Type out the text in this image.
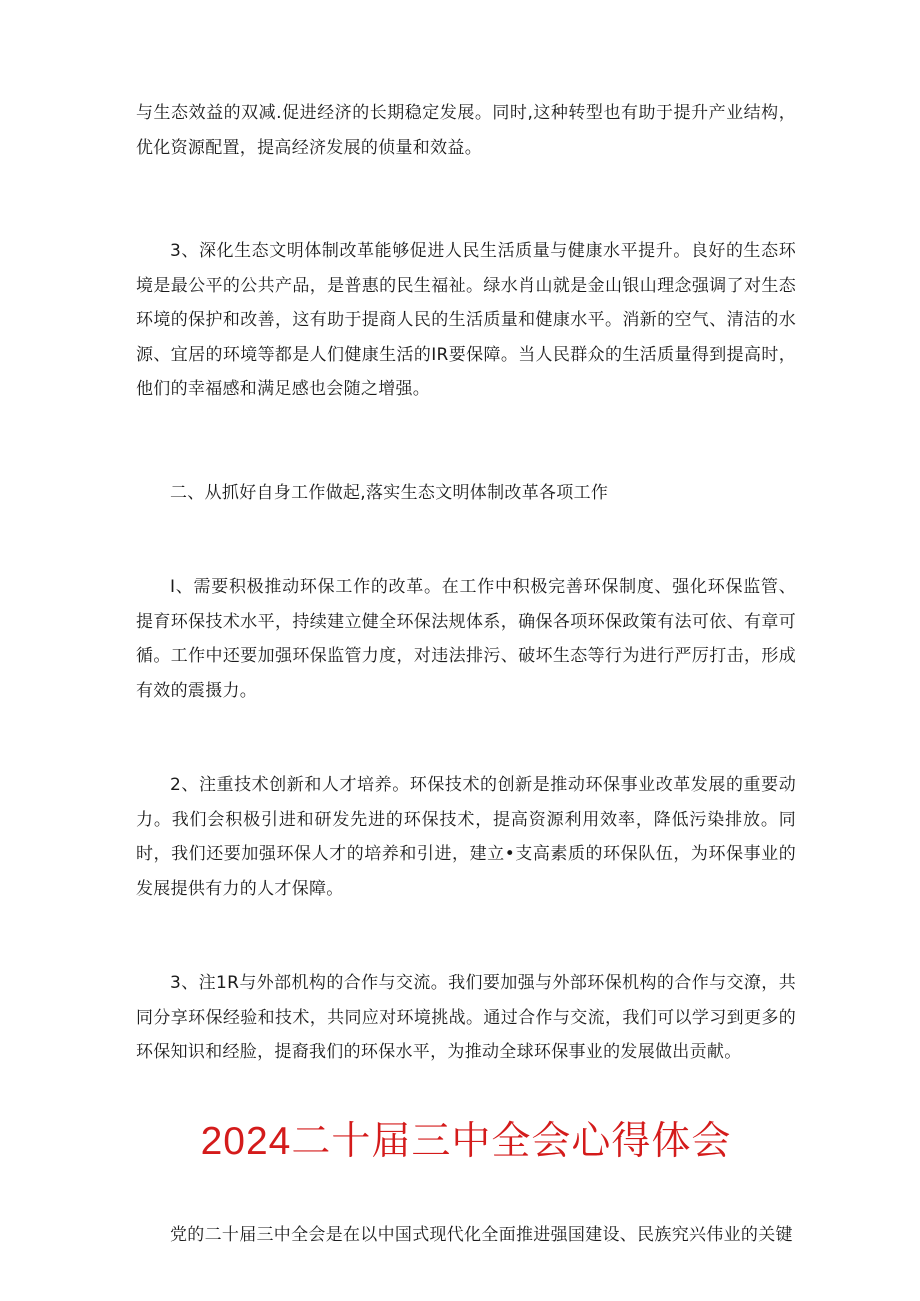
与生态效益的双减.促进经济的长期稳定发展。同时,这种转型也有助于提升产业结构，优化资源配置，提高经济发展的侦量和效益。

3、深化生态文明体制改革能够促进人民生活质量与健康水平提升。良好的生态环境是最公平的公共产品，是普惠的民生福祉。绿水肖山就是金山银山理念强调了对生态环境的保护和改善，这有助于提商人民的生活质量和健康水平。消新的空气、清洁的水源、宜居的环境等都是人们健康生活的IR要保障。当人民群众的生活质量得到提高时，他们的幸福感和满足感也会随之增强。

二、从抓好自身工作做起,落实生态文明体制改革各项工作

I、需要积极推动环保工作的改革。在工作中积极完善环保制度、强化环保监管、提育环保技术水平，持续建立健全环保法规体系，确保各项环保政策有法可依、有章可循。工作中还要加强环保监管力度，对违法排污、破坏生态等行为进行严厉打击，形成有效的震摄力。

2、注重技术创新和人才培养。环保技术的创新是推动环保事业改革发展的重要动力。我们会积极引进和研发先进的环保技术，提高资源利用效率，降低污染排放。同时，我们还要加强环保人才的培养和引进，建立•支高素质的环保队伍，为环保事业的发展提供有力的人才保障。

3、注1R与外部机构的合作与交流。我们要加强与外部环保机构的合作与交潦，共同分享环保经验和技术，共同应对环境挑战。通过合作与交流，我们可以学习到更多的环保知识和经脸，提裔我们的环保水平，为推动全球环保事业的发展做出贡献。

2024二十届三中全会心得体会

党的二十届三中全会是在以中国式现代化全面推进强国建设、民族究兴伟业的关键
